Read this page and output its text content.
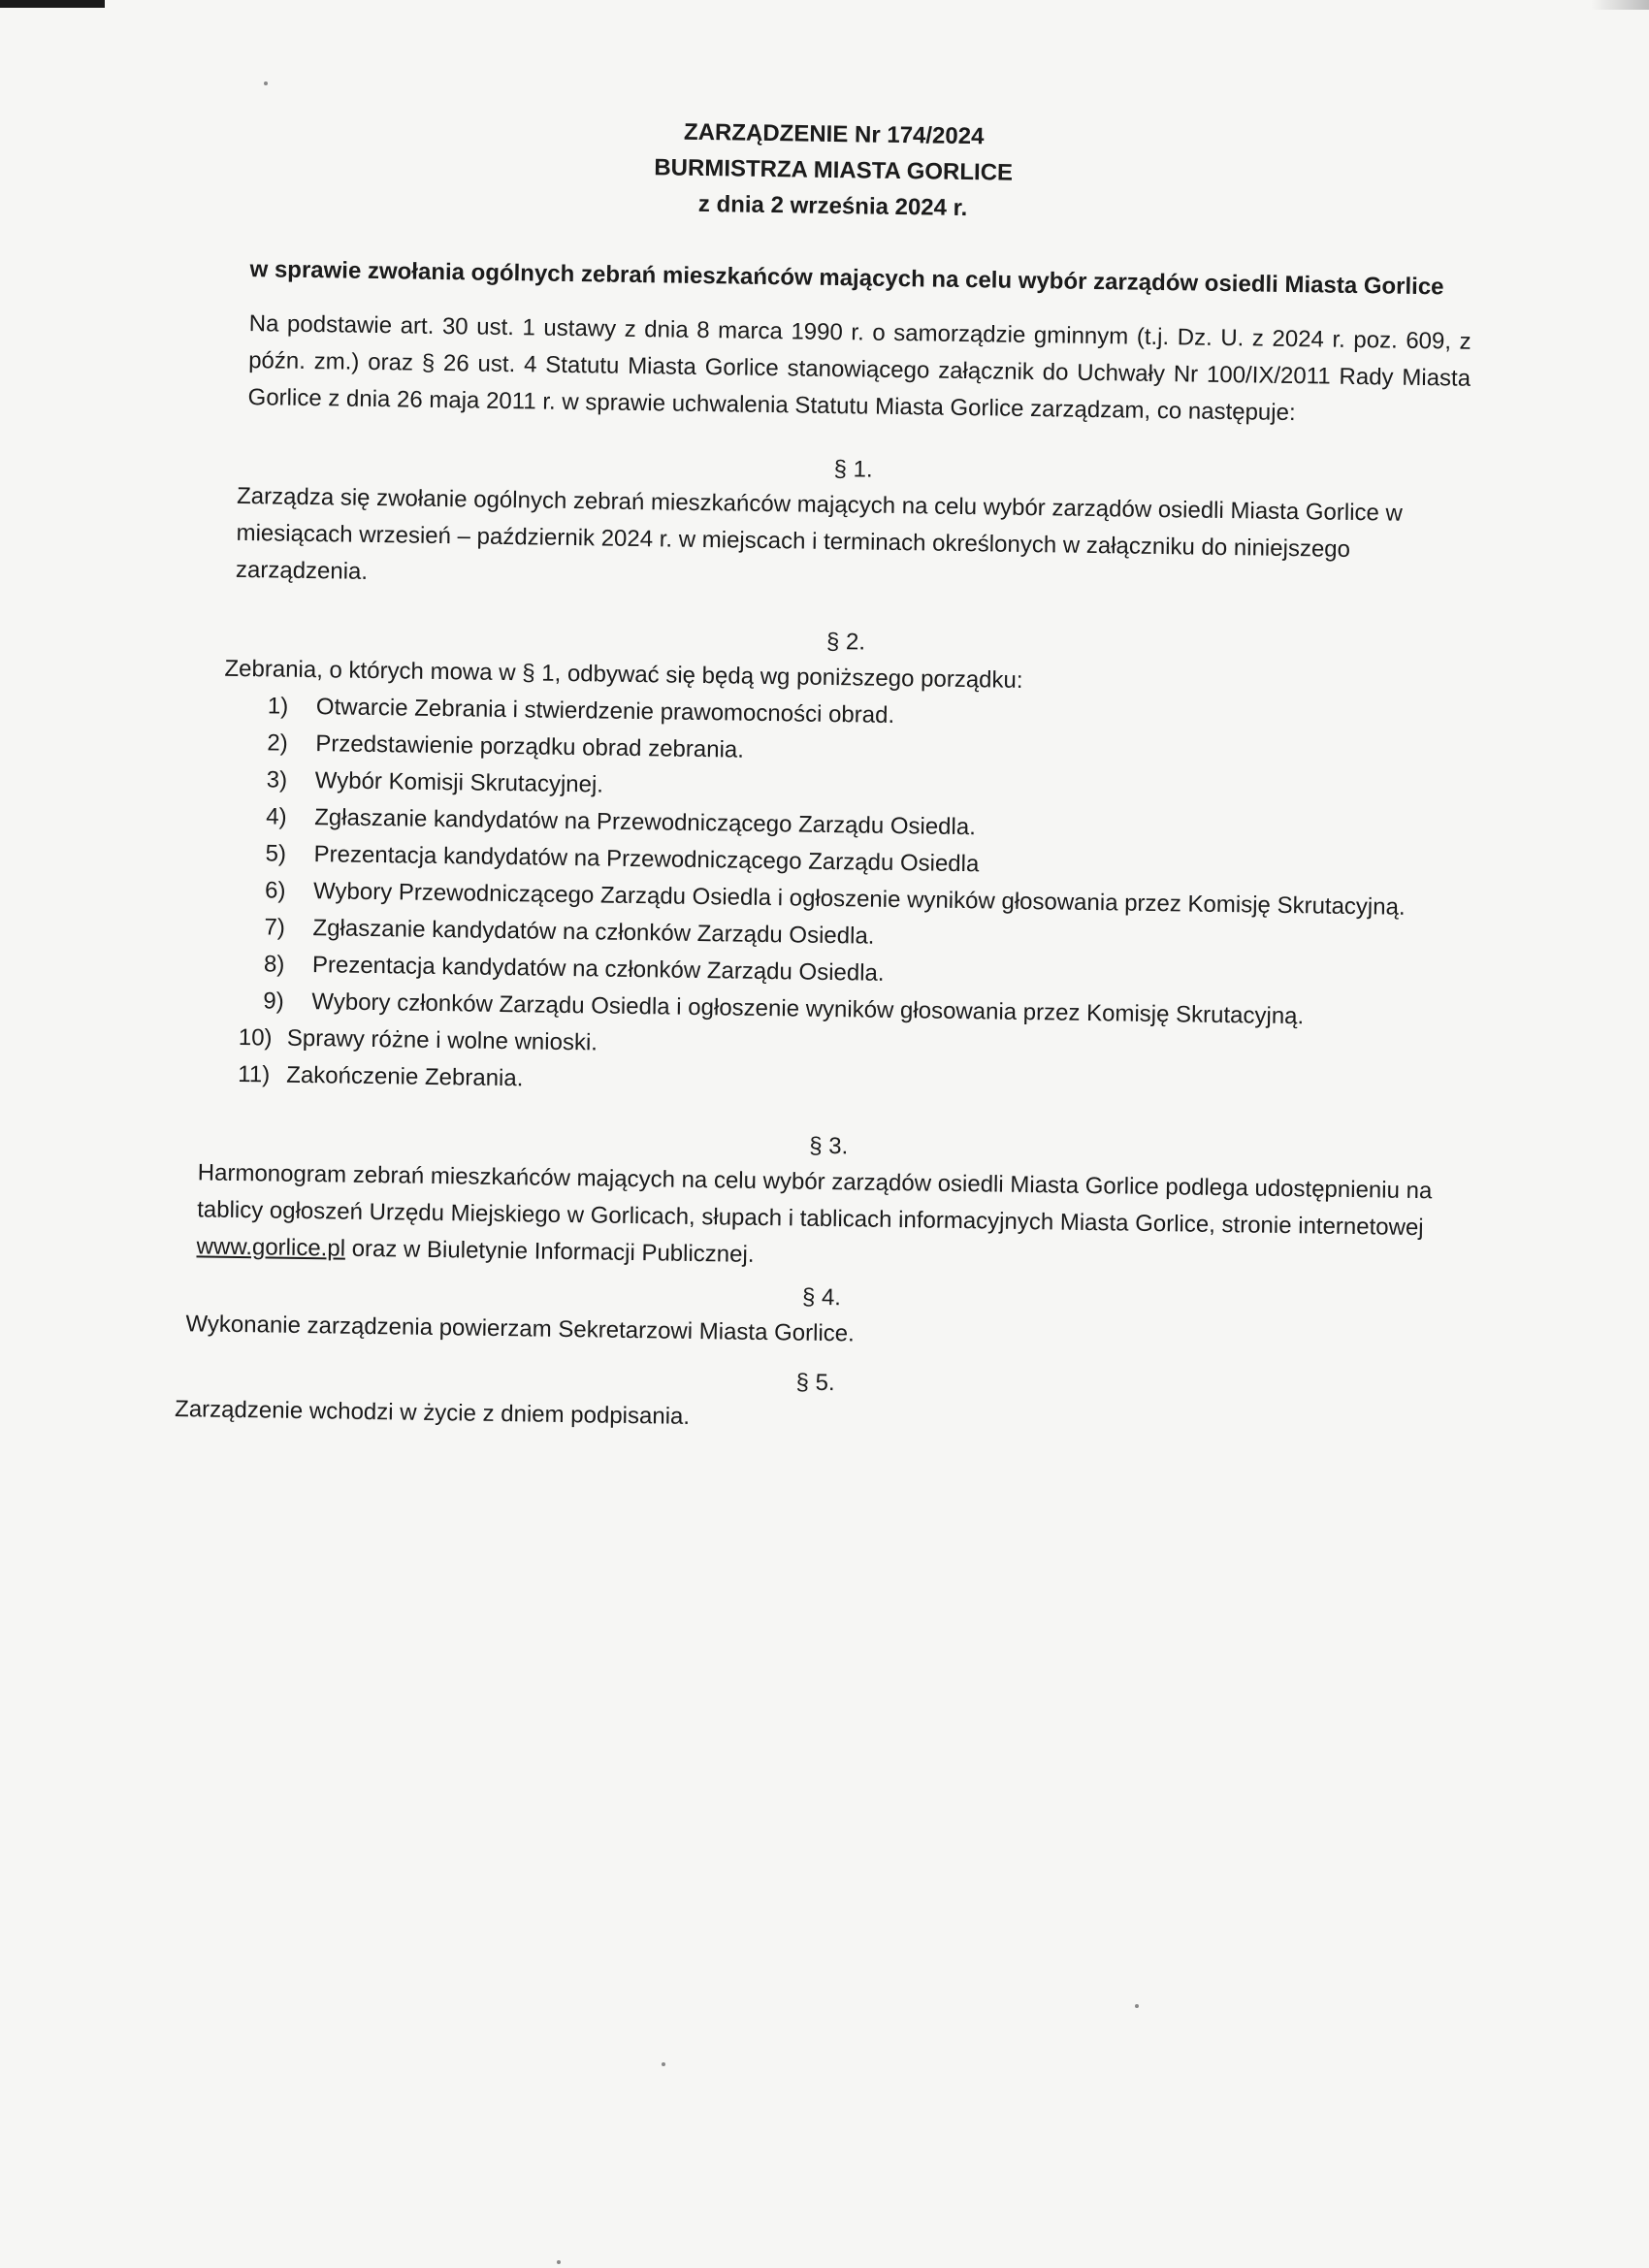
ZARZĄDZENIE Nr 174/2024
BURMISTRZA MIASTA GORLICE
z dnia 2 września 2024 r.
w sprawie zwołania ogólnych zebrań mieszkańców mających na celu wybór zarządów osiedli Miasta Gorlice
Na podstawie art. 30 ust. 1 ustawy z dnia 8 marca 1990 r. o samorządzie gminnym (t.j. Dz. U. z 2024 r. poz. 609, z późn. zm.) oraz § 26 ust. 4 Statutu Miasta Gorlice stanowiącego załącznik do Uchwały Nr 100/IX/2011 Rady Miasta Gorlice z dnia 26 maja 2011 r. w sprawie uchwalenia Statutu Miasta Gorlice zarządzam, co następuje:
§ 1.
Zarządza się zwołanie ogólnych zebrań mieszkańców mających na celu wybór zarządów osiedli Miasta Gorlice w miesiącach wrzesień – październik 2024 r. w miejscach i terminach określonych w załączniku do niniejszego zarządzenia.
§ 2.
Zebrania, o których mowa w § 1, odbywać się będą wg poniższego porządku:
1)	Otwarcie Zebrania i stwierdzenie prawomocności obrad.
2)	Przedstawienie porządku obrad zebrania.
3)	Wybór Komisji Skrutacyjnej.
4)	Zgłaszanie kandydatów na Przewodniczącego Zarządu Osiedla.
5)	Prezentacja kandydatów na Przewodniczącego Zarządu Osiedla
6)	Wybory Przewodniczącego Zarządu Osiedla i ogłoszenie wyników głosowania przez Komisję Skrutacyjną.
7)	Zgłaszanie kandydatów na członków Zarządu Osiedla.
8)	Prezentacja kandydatów na członków Zarządu Osiedla.
9)	Wybory członków Zarządu Osiedla i ogłoszenie wyników głosowania przez Komisję Skrutacyjną.
10) Sprawy różne i wolne wnioski.
11) Zakończenie Zebrania.
§ 3.
Harmonogram zebrań mieszkańców mających na celu wybór zarządów osiedli Miasta Gorlice podlega udostępnieniu na tablicy ogłoszeń Urzędu Miejskiego w Gorlicach, słupach i tablicach informacyjnych Miasta Gorlice, stronie internetowej www.gorlice.pl oraz w Biuletynie Informacji Publicznej.
§ 4.
Wykonanie zarządzenia powierzam Sekretarzowi Miasta Gorlice.
§ 5.
Zarządzenie wchodzi w życie z dniem podpisania.
